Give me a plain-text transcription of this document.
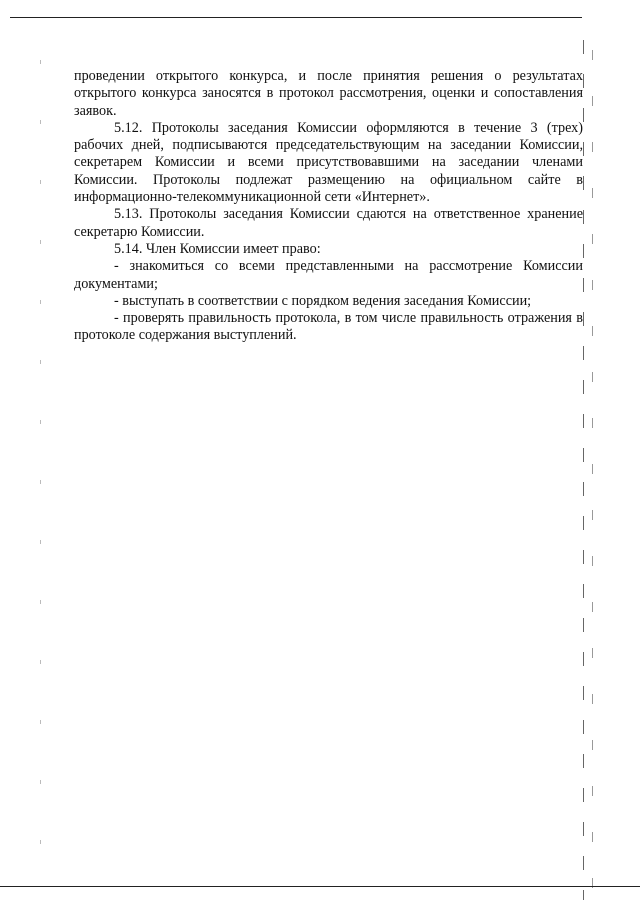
проведении открытого конкурса, и после принятия решения о результатах открытого конкурса заносятся в протокол рассмотрения, оценки и сопоставления заявок.

5.12. Протоколы заседания Комиссии оформляются в течение 3 (трех) рабочих дней, подписываются председательствующим на заседании Комиссии, секретарем Комиссии и всеми присутствовавшими на заседании членами Комиссии. Протоколы подлежат размещению на официальном сайте в информационно-телекоммуникационной сети «Интернет».

5.13. Протоколы заседания Комиссии сдаются на ответственное хранение секретарю Комиссии.

5.14. Член Комиссии имеет право:

- знакомиться со всеми представленными на рассмотрение Комиссии документами;

- выступать в соответствии с порядком ведения заседания Комиссии;

- проверять правильность протокола, в том числе правильность отражения в протоколе содержания выступлений.
